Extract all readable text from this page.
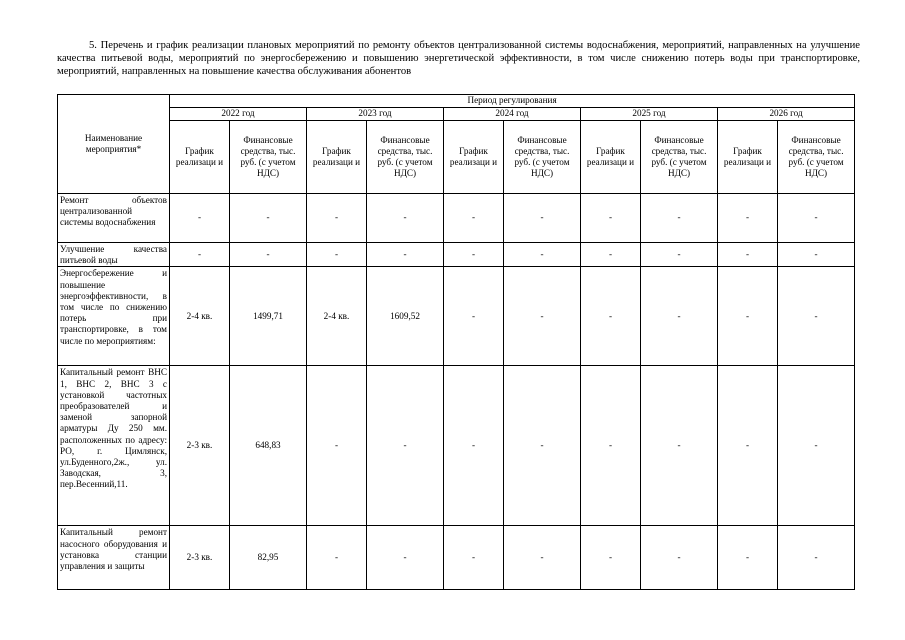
5. Перечень и график реализации плановых мероприятий по ремонту объектов централизованной системы водоснабжения, мероприятий, направленных на улучшение качества питьевой воды, мероприятий по энергосбережению и повышению энергетической эффективности, в том числе снижению потерь воды при транспортировке, мероприятий, направленных на повышение качества обслуживания абонентов
Наименование мероприятия*	Период регулирования									
	2022 год		2023 год		2024 год		2025 год		2026 год	
	График реализаци и	Финансовые средства, тыс. руб. (с учетом НДС)	График реализаци и	Финансовые средства, тыс. руб. (с учетом НДС)	График реализаци и	Финансовые средства, тыс. руб. (с учетом НДС)	График реализаци и	Финансовые средства, тыс. руб. (с учетом НДС)	График реализаци и	Финансовые средства, тыс. руб. (с учетом НДС)
Ремонт объектов централизованной системы водоснабжения	-	-	-	-	-	-	-	-	-	-
Улучшение качества питьевой воды	-	-	-	-	-	-	-	-	-	-
Энергосбережение и повышение энергоэффективности, в том числе по снижению потерь при транспортировке, в том числе по мероприятиям:	2-4 кв.	1499,71	2-4 кв.	1609,52	-	-	-	-	-	-
Капитальный ремонт ВНС 1, ВНС 2, ВНС 3 с установкой частотных преобразователей и заменой запорной арматуры Ду 250 мм. расположенных по адресу: РО, г. Цимлянск, ул.Буденного,2ж., ул. Заводская, 3, пер.Весенний,11.	2-3 кв.	648,83	-	-	-	-	-	-	-	-
Капитальный ремонт насосного оборудования и установка станции управления и защиты	2-3 кв.	82,95	-	-	-	-	-	-	-	-
